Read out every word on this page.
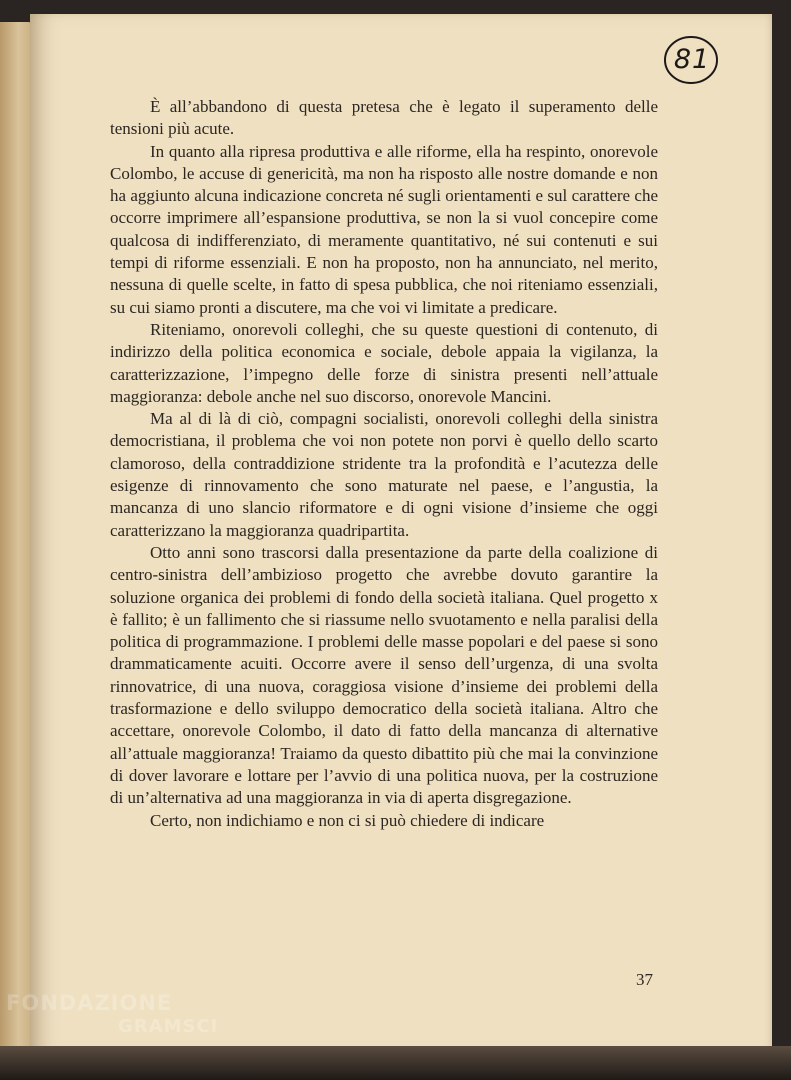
81

È all’abbandono di questa pretesa che è legato il superamento delle tensioni più acute.

In quanto alla ripresa produttiva e alle riforme, ella ha respinto, onorevole Colombo, le accuse di genericità, ma non ha risposto alle nostre domande e non ha aggiunto alcuna indicazione concreta né sugli orientamenti e sul carattere che occorre imprimere all’espansione produttiva, se non la si vuol concepire come qualcosa di indifferenziato, di meramente quantitativo, né sui contenuti e sui tempi di riforme essenziali. E non ha proposto, non ha annunciato, nel merito, nessuna di quelle scelte, in fatto di spesa pubblica, che noi riteniamo essenziali, su cui siamo pronti a discutere, ma che voi vi limitate a predicare.

Riteniamo, onorevoli colleghi, che su queste questioni di contenuto, di indirizzo della politica economica e sociale, debole appaia la vigilanza, la caratterizzazione, l’impegno delle forze di sinistra presenti nell’attuale maggioranza: debole anche nel suo discorso, onorevole Mancini.

Ma al di là di ciò, compagni socialisti, onorevoli colleghi della sinistra democristiana, il problema che voi non potete non porvi è quello dello scarto clamoroso, della contraddizione stridente tra la profondità e l’acutezza delle esigenze di rinnovamento che sono maturate nel paese, e l’angustia, la mancanza di uno slancio riformatore e di ogni visione d’insieme che oggi caratterizzano la maggioranza quadripartita.

Otto anni sono trascorsi dalla presentazione da parte della coalizione di centro-sinistra dell’ambizioso progetto che avrebbe dovuto garantire la soluzione organica dei problemi di fondo della società italiana. Quel progetto x è fallito; è un fallimento che si riassume nello svuotamento e nella paralisi della politica di programmazione. I problemi delle masse popolari e del paese si sono drammaticamente acuiti. Occorre avere il senso dell’urgenza, di una svolta rinnovatrice, di una nuova, coraggiosa visione d’insieme dei problemi della trasformazione e dello sviluppo democratico della società italiana. Altro che accettare, onorevole Colombo, il dato di fatto della mancanza di alternative all’attuale maggioranza! Traiamo da questo dibattito più che mai la convinzione di dover lavorare e lottare per l’avvio di una politica nuova, per la costruzione di un’alternativa ad una maggioranza in via di aperta disgregazione.

Certo, non indichiamo e non ci si può chiedere di indicare

37
FONDAZIONE
GRAMSCI
